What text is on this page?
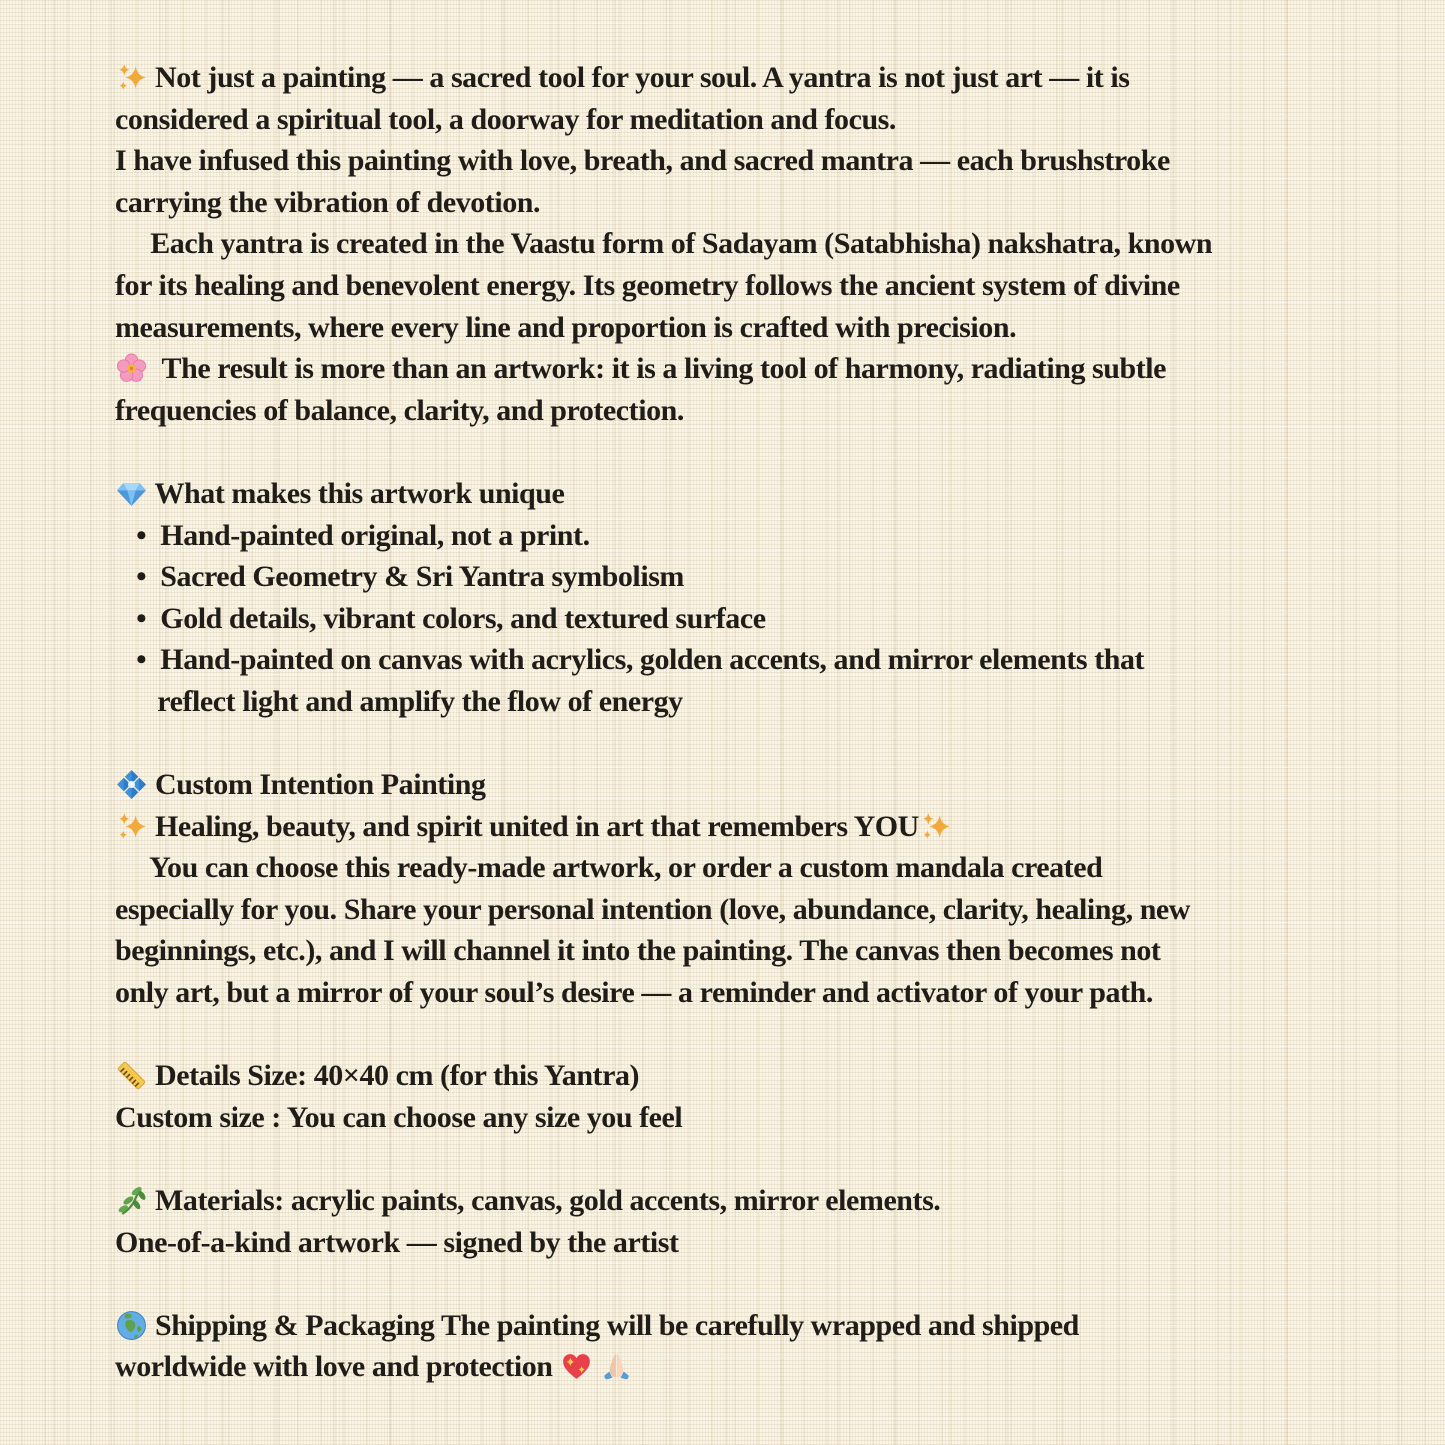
Not just a painting — a sacred tool for your soul. A yantra is not just art — it is
considered a spiritual tool, a doorway for meditation and focus.
I have infused this painting with love, breath, and sacred mantra — each brushstroke
carrying the vibration of devotion.
Each yantra is created in the Vaastu form of Sadayam (Satabhisha) nakshatra, known
for its healing and benevolent energy. Its geometry follows the ancient system of divine
measurements, where every line and proportion is crafted with precision.
The result is more than an artwork: it is a living tool of harmony, radiating subtle
frequencies of balance, clarity, and protection.
What makes this artwork unique
•  Hand-painted original, not a print.
•  Sacred Geometry & Sri Yantra symbolism
•  Gold details, vibrant colors, and textured surface
•  Hand-painted on canvas with acrylics, golden accents, and mirror elements that
reflect light and amplify the flow of energy
Custom Intention Painting
Healing, beauty, and spirit united in art that remembers YOU
You can choose this ready-made artwork, or order a custom mandala created
especially for you. Share your personal intention (love, abundance, clarity, healing, new
beginnings, etc.), and I will channel it into the painting. The canvas then becomes not
only art, but a mirror of your soul’s desire — a reminder and activator of your path.
Details Size: 40×40 cm (for this Yantra)
Custom size : You can choose any size you feel
Materials: acrylic paints, canvas, gold accents, mirror elements.
One-of-a-kind artwork — signed by the artist
Shipping & Packaging The painting will be carefully wrapped and shipped
worldwide with love and protection
